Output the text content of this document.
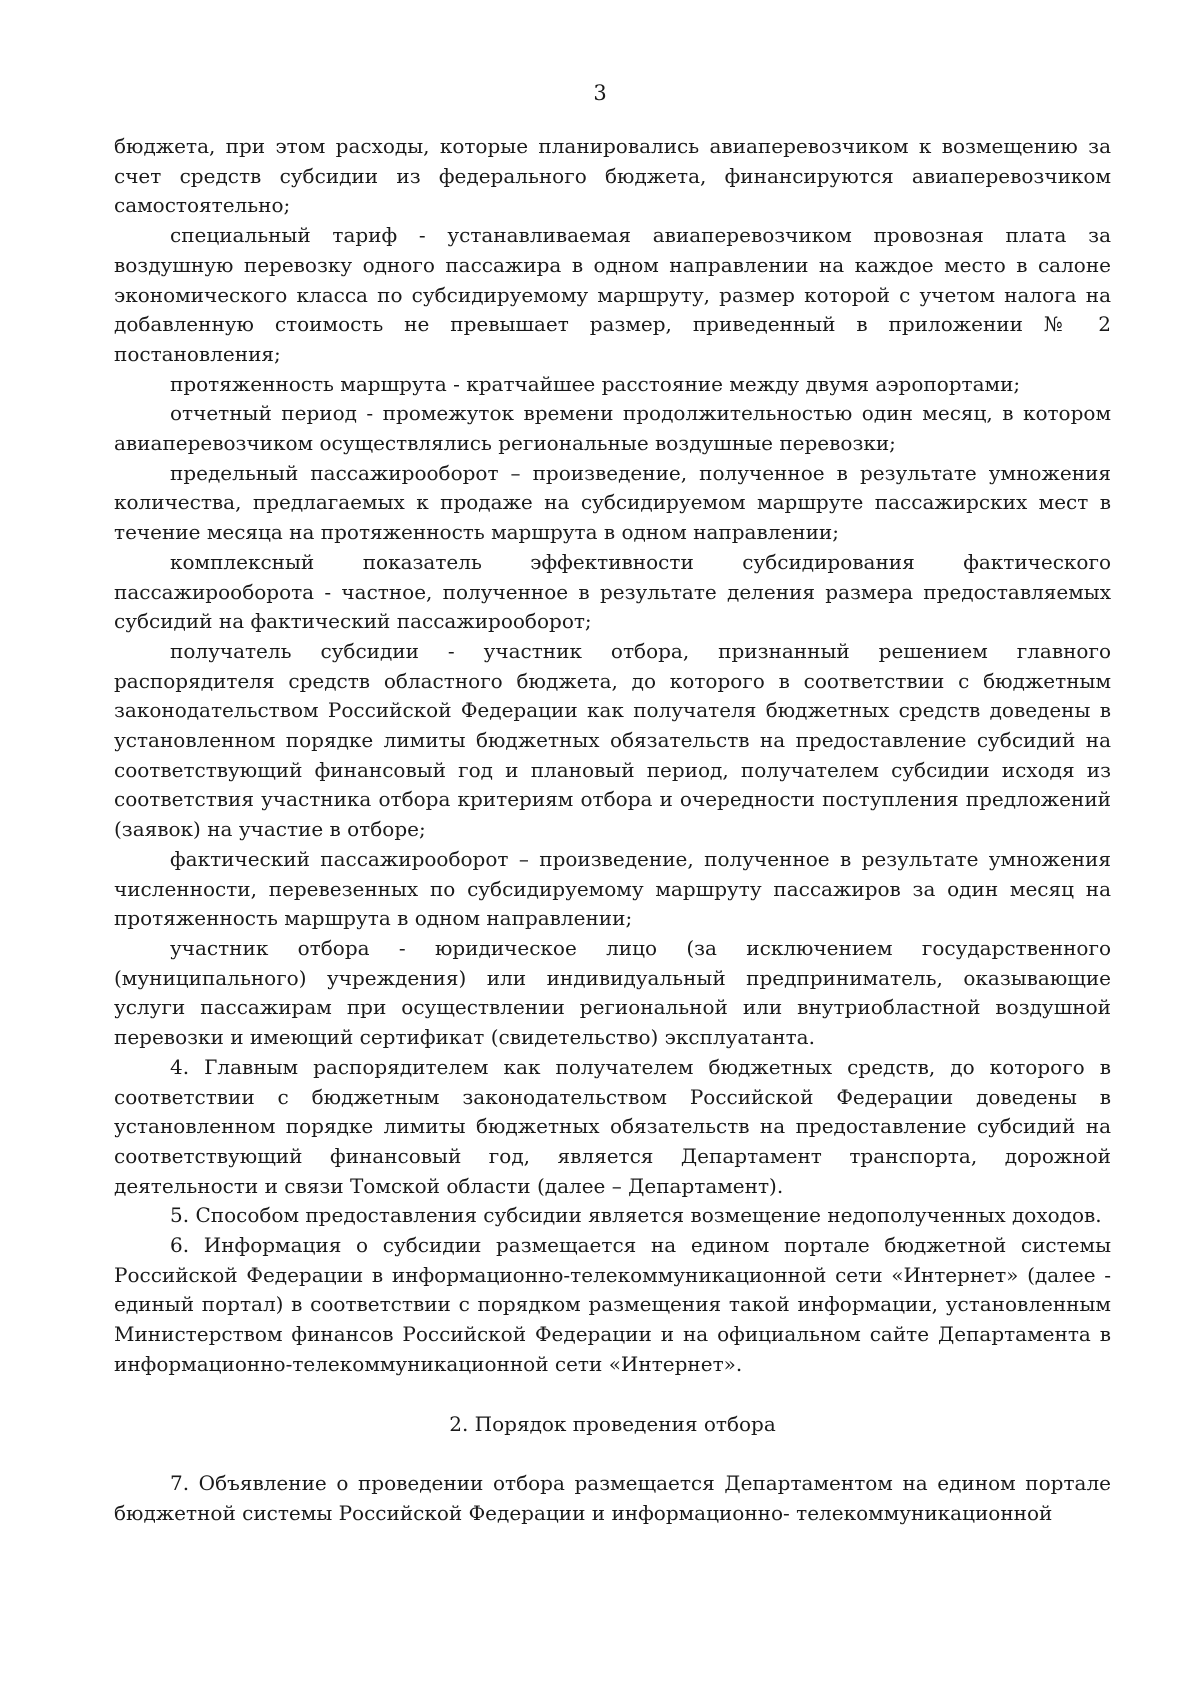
3

бюджета, при этом расходы, которые планировались авиаперевозчиком к возмещению за счет средств субсидии из федерального бюджета, финансируются авиаперевозчиком самостоятельно;

специальный тариф - устанавливаемая авиаперевозчиком провозная плата за воздушную перевозку одного пассажира в одном направлении на каждое место в салоне экономического класса по субсидируемому маршруту, размер которой с учетом налога на добавленную стоимость не превышает размер, приведенный в приложении № 2 постановления;

протяженность маршрута - кратчайшее расстояние между двумя аэропортами;

отчетный период - промежуток времени продолжительностью один месяц, в котором авиаперевозчиком осуществлялись региональные воздушные перевозки;

предельный пассажирооборот – произведение, полученное в результате умножения количества, предлагаемых к продаже на субсидируемом маршруте пассажирских мест в течение месяца на протяженность маршрута в одном направлении;

комплексный показатель эффективности субсидирования фактического пассажирооборота - частное, полученное в результате деления размера предоставляемых субсидий на фактический пассажирооборот;

получатель субсидии - участник отбора, признанный решением главного распорядителя средств областного бюджета, до которого в соответствии с бюджетным законодательством Российской Федерации как получателя бюджетных средств доведены в установленном порядке лимиты бюджетных обязательств на предоставление субсидий на соответствующий финансовый год и плановый период, получателем субсидии исходя из соответствия участника отбора критериям отбора и очередности поступления предложений (заявок) на участие в отборе;

фактический пассажирооборот – произведение, полученное в результате умножения численности, перевезенных по субсидируемому маршруту пассажиров за один месяц на протяженность маршрута в одном направлении;

участник отбора - юридическое лицо (за исключением государственного (муниципального) учреждения) или индивидуальный предприниматель, оказывающие услуги пассажирам при осуществлении региональной или внутриобластной воздушной перевозки и имеющий сертификат (свидетельство) эксплуатанта.

4. Главным распорядителем как получателем бюджетных средств, до которого в соответствии с бюджетным законодательством Российской Федерации доведены в установленном порядке лимиты бюджетных обязательств на предоставление субсидий на соответствующий финансовый год, является Департамент транспорта, дорожной деятельности и связи Томской области (далее – Департамент).

5. Способом предоставления субсидии является возмещение недополученных доходов.

6. Информация о субсидии размещается на едином портале бюджетной системы Российской Федерации в информационно-телекоммуникационной сети «Интернет» (далее - единый портал) в соответствии с порядком размещения такой информации, установленным Министерством финансов Российской Федерации и на официальном сайте Департамента в информационно-телекоммуникационной сети «Интернет».

2. Порядок проведения отбора

7. Объявление о проведении отбора размещается Департаментом на едином портале бюджетной системы Российской Федерации и информационно- телекоммуникационной
